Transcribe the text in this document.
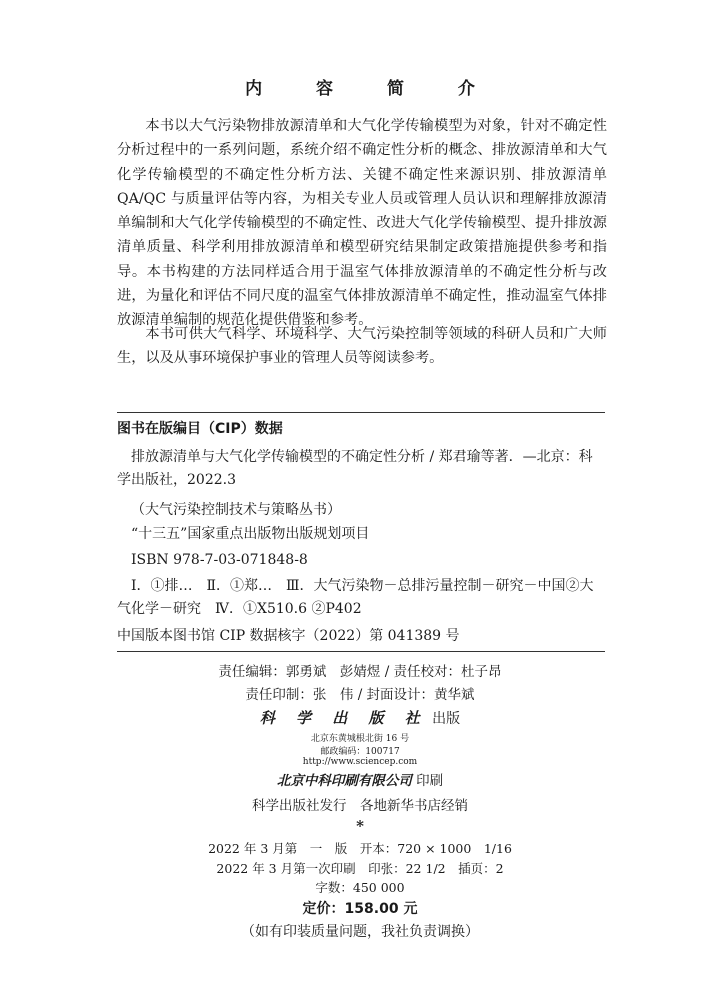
内 容 简 介

本书以大气污染物排放源清单和大气化学传输模型为对象，针对不确定性分析过程中的一系列问题，系统介绍不确定性分析的概念、排放源清单和大气化学传输模型的不确定性分析方法、关键不确定性来源识别、排放源清单 QA/QC 与质量评估等内容，为相关专业人员或管理人员认识和理解排放源清单编制和大气化学传输模型的不确定性、改进大气化学传输模型、提升排放源清单质量、科学利用排放源清单和模型研究结果制定政策措施提供参考和指导。本书构建的方法同样适合用于温室气体排放源清单的不确定性分析与改进，为量化和评估不同尺度的温室气体排放源清单不确定性，推动温室气体排放源清单编制的规范化提供借鉴和参考。

本书可供大气科学、环境科学、大气污染控制等领域的科研人员和广大师生，以及从事环境保护事业的管理人员等阅读参考。

图书在版编目（CIP）数据

排放源清单与大气化学传输模型的不确定性分析 / 郑君瑜等著．—北京：科学出版社，2022.3

（大气污染控制技术与策略丛书）

“十三五”国家重点出版物出版规划项目

ISBN 978-7-03-071848-8

Ⅰ．①排…　Ⅱ．①郑…　Ⅲ．大气污染物－总排污量控制－研究－中国②大气化学－研究　Ⅳ．①X510.6 ②P402

中国版本图书馆 CIP 数据核字（2022）第 041389 号

责任编辑：郭勇斌　彭婧煜 / 责任校对：杜子昂
责任印制：张　伟 / 封面设计：黄华斌
科 学 出 版 社 出版
北京东黄城根北街 16 号
邮政编码：100717
http://www.sciencep.com
北京中科印刷有限公司 印刷
科学出版社发行　各地新华书店经销
*
2022 年 3 月第　一　版　开本：720 × 1000　1/16
2022 年 3 月第一次印刷　印张：22 1/2　插页：2
字数：450 000
定价：158.00 元
（如有印装质量问题，我社负责调换）
